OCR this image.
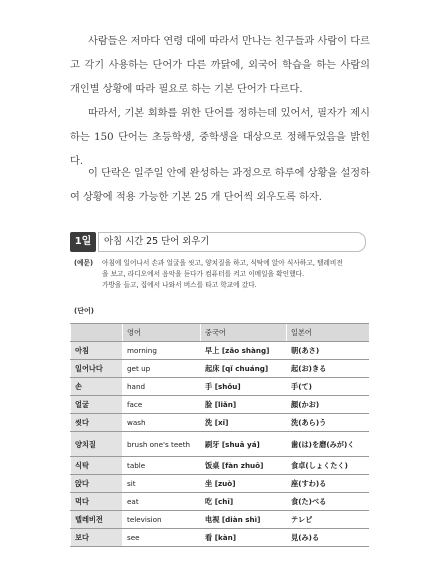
사람들은 저마다 연령 대에 따라서 만나는 친구들과 사람이 다르고 각기 사용하는 단어가 다른 까닭에, 외국어 학습을 하는 사람의 개인별 상황에 따라 필요로 하는 기본 단어가 다르다.

따라서, 기본 회화를 위한 단어를 정하는데 있어서, 필자가 제시하는 150 단어는 초등학생, 중학생을 대상으로 정해두었음을 밝힌다.

이 단락은 일주일 안에 완성하는 과정으로 하루에 상황을 설정하여 상황에 적용 가능한 기본 25 개 단어씩 외우도록 하자.

1일	아침 시간 25 단어 외우기
(예문) 아침에 일어나서 손과 얼굴을 씻고, 양치질을 하고, 식탁에 앉아 식사하고, 텔레비전
을 보고, 라디오에서 음악을 듣다가 컴퓨터를 켜고 이메일을 확인했다.
가방을 들고, 집에서 나와서 버스를 타고 학교에 갔다.
(단어)
	영어	중국어	일본어
아침	morning	早上 [zǎo shàng]	朝(あさ)
일어나다	get up	起床 [qǐ chuáng]	起(お)きる
손	hand	手 [shǒu]	手(て)
얼굴	face	脸 [liǎn]	顔(かお)
씻다	wash	洗 [xǐ]	洗(あら)う
양치질	brush one's teeth	刷牙 [shuā yá]	歯(は)を磨(みが)く
식탁	table	饭桌 [fàn zhuō]	食卓(しょくたく)
앉다	sit	坐 [zuò]	座(すわ)る
먹다	eat	吃 [chī]	食(た)べる
텔레비전	television	电视 [diàn shì]	テレビ
보다	see	看 [kàn]	見(み)る
